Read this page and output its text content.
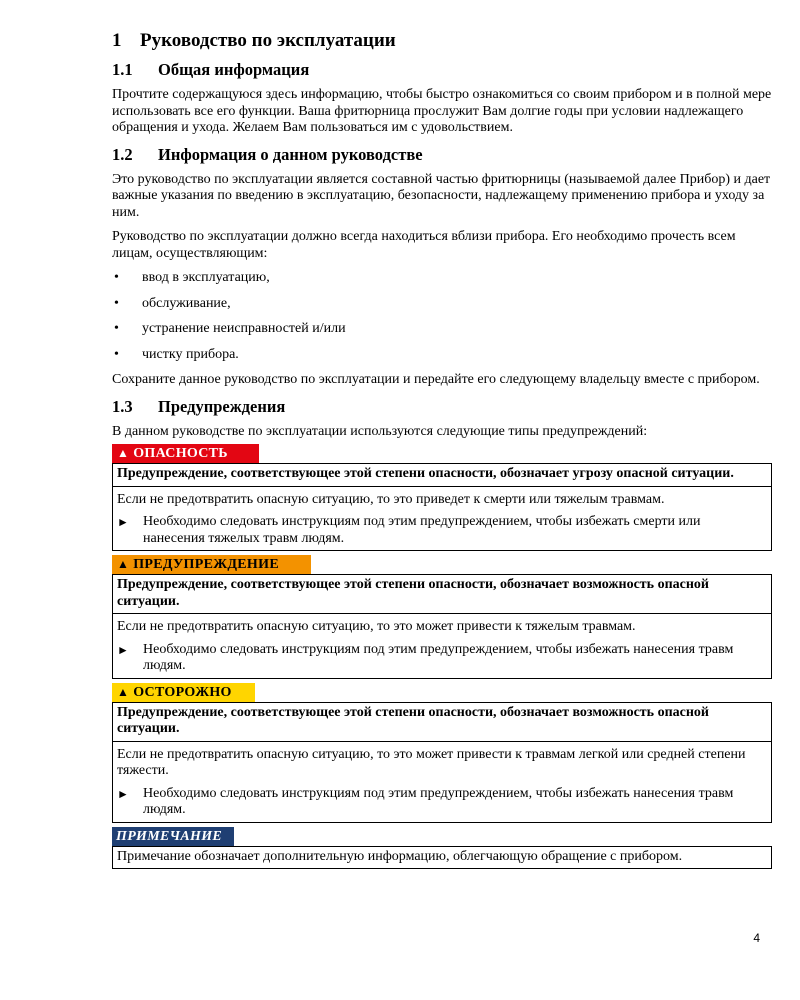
1 Руководство по эксплуатации
1.1 Общая информация

Прочтите содержащуюся здесь информацию, чтобы быстро ознакомиться со своим прибором и в полной мере использовать все его функции. Ваша фритюрница прослужит Вам долгие годы при условии надлежащего обращения и ухода. Желаем Вам пользоваться им с удовольствием.

1.2 Информация о данном руководстве

Это руководство по эксплуатации является составной частью фритюрницы (называемой далее Прибор) и дает важные указания по введению в эксплуатацию, безопасности, надлежащему применению прибора и уходу за ним.

Руководство по эксплуатации должно всегда находиться вблизи прибора. Его необходимо прочесть всем лицам, осуществляющим:

• ввод в эксплуатацию,
• обслуживание,
• устранение неисправностей и/или
• чистку прибора.

Сохраните данное руководство по эксплуатации и передайте его следующему владельцу вместе с прибором.

1.3 Предупреждения

В данном руководстве по эксплуатации используются следующие типы предупреждений:

▲ ОПАСНОСТЬ
Предупреждение, соответствующее этой степени опасности, обозначает угрозу опасной ситуации.
Если не предотвратить опасную ситуацию, то это приведет к смерти или тяжелым травмам.
► Необходимо следовать инструкциям под этим предупреждением, чтобы избежать смерти или нанесения тяжелых травм людям.
▲ ПРЕДУПРЕЖДЕНИЕ
Предупреждение, соответствующее этой степени опасности, обозначает возможность опасной ситуации.
Если не предотвратить опасную ситуацию, то это может привести к тяжелым травмам.
► Необходимо следовать инструкциям под этим предупреждением, чтобы избежать нанесения травм людям.
▲ ОСТОРОЖНО
Предупреждение, соответствующее этой степени опасности, обозначает возможность опасной ситуации.
Если не предотвратить опасную ситуацию, то это может привести к травмам легкой или средней степени тяжести.
► Необходимо следовать инструкциям под этим предупреждением, чтобы избежать нанесения травм людям.
ПРИМЕЧАНИЕ
Примечание обозначает дополнительную информацию, облегчающую обращение с прибором.
4
